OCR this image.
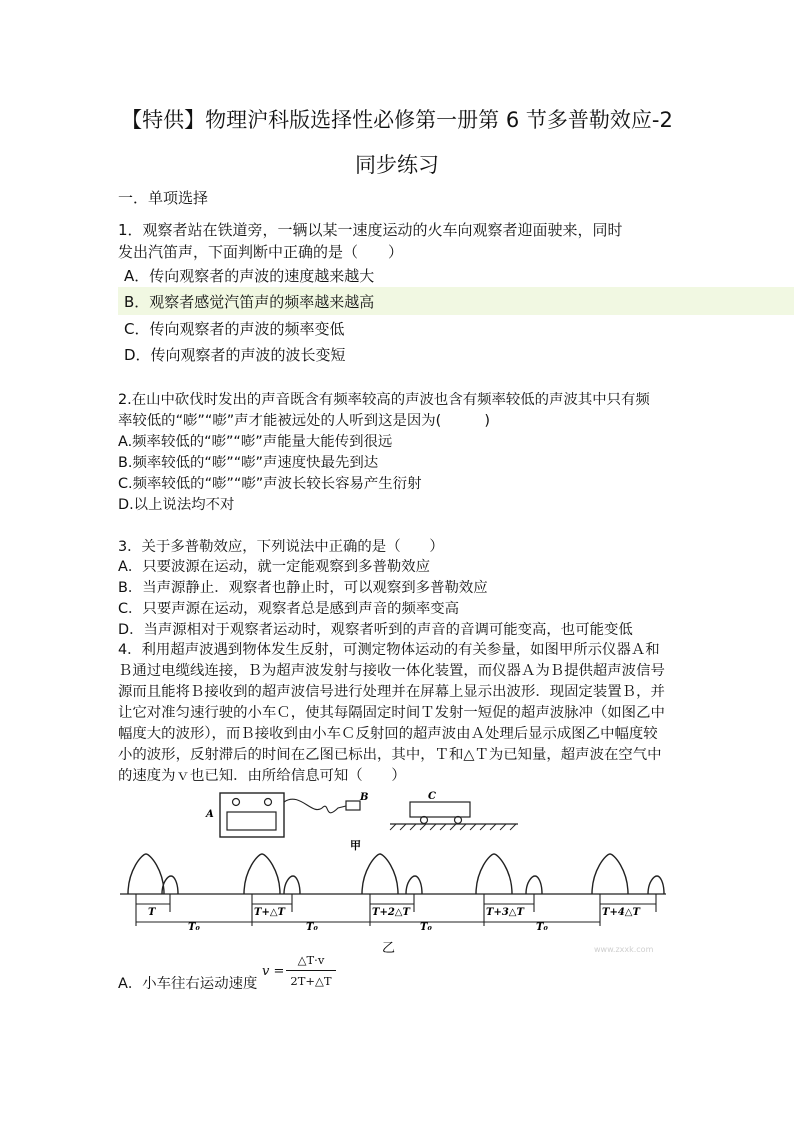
【特供】物理沪科版选择性必修第一册第 6 节多普勒效应-2
同步练习
一．单项选择
1．观察者站在铁道旁，一辆以某一速度运动的火车向观察者迎面驶来，同时
发出汽笛声，下面判断中正确的是（　　）
A．传向观察者的声波的速度越来越大
B．观察者感觉汽笛声的频率越来越高
C．传向观察者的声波的频率变低
D．传向观察者的声波的波长变短
2.在山中砍伐时发出的声音既含有频率较高的声波也含有频率较低的声波其中只有频
率较低的“嘭”“嘭”声才能被远处的人听到这是因为(　　　)
A.频率较低的“嘭”“嘭”声能量大能传到很远
B.频率较低的“嘭”“嘭”声速度快最先到达
C.频率较低的“嘭”“嘭”声波长较长容易产生衍射
D.以上说法均不对
3．关于多普勒效应，下列说法中正确的是（　　）
A．只要波源在运动，就一定能观察到多普勒效应
B．当声源静止．观察者也静止时，可以观察到多普勒效应
C．只要声源在运动，观察者总是感到声音的频率变高
D．当声源相对于观察者运动时，观察者听到的声音的音调可能变高，也可能变低
4．利用超声波遇到物体发生反射，可测定物体运动的有关参量，如图甲所示仪器Ａ和
Ｂ通过电缆线连接，Ｂ为超声波发射与接收一体化装置，而仪器Ａ为Ｂ提供超声波信号
源而且能将Ｂ接收到的超声波信号进行处理并在屏幕上显示出波形．现固定装置Ｂ，并
让它对准匀速行驶的小车Ｃ，使其每隔固定时间Ｔ发射一短促的超声波脉冲（如图乙中
幅度大的波形），而Ｂ接收到由小车Ｃ反射回的超声波由Ａ处理后显示成图乙中幅度较
小的波形，反射滞后的时间在乙图已标出，其中，Ｔ和△Ｔ为已知量，超声波在空气中
的速度为ｖ也已知．由所给信息可知（　　）
A
B	C
甲
T
T₀
T+△T
T₀
T+2△T
T₀
T+3△T
T₀
T+4△T
乙	www.zxxk.com
A．小车往右运动速度
v =
△T·v
2T+△T
